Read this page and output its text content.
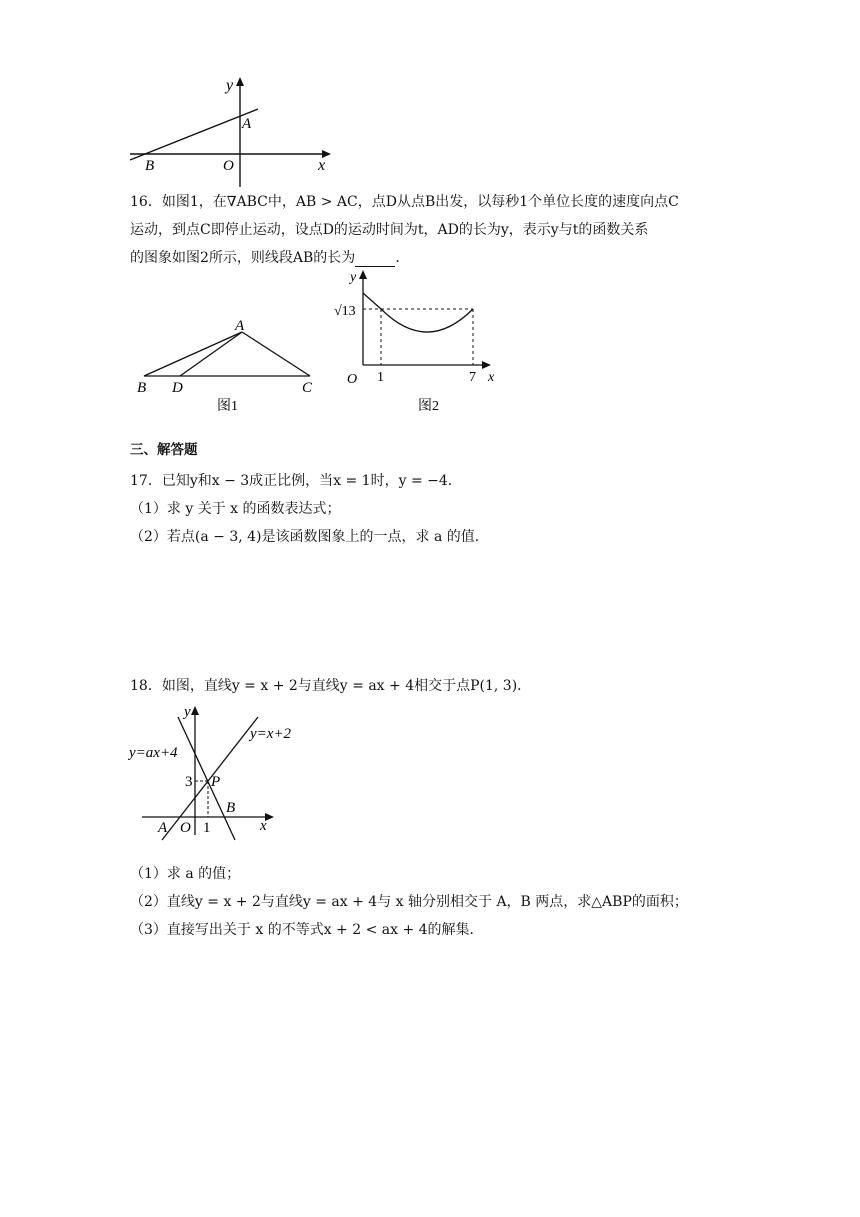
y
x
A
B	O
16．如图1，在∇ABC中，AB > AC，点D从点B出发，以每秒1个单位长度的速度向点C
运动，到点C即停止运动，设点D的运动时间为t，AD的长为y，表示y与t的函数关系
的图象如图2所示，则线段AB的长为	．
A
B D	C
图1
y
x
O
√13
1	7
图2
三、解答题
17．已知y和x − 3成正比例，当x = 1时，y = −4．
（1）求 y 关于 x 的函数表达式；
（2）若点(a − 3, 4)是该函数图象上的一点，求 a 的值．
18．如图，直线y = x + 2与直线y = ax + 4相交于点P(1, 3)．
y
x
y=x+2
y=ax+4
P
3
A O 1
B
（1）求 a 的值；
（2）直线y = x + 2与直线y = ax + 4与 x 轴分别相交于 A，B 两点，求△ABP的面积；
（3）直接写出关于 x 的不等式x + 2 < ax + 4的解集．
